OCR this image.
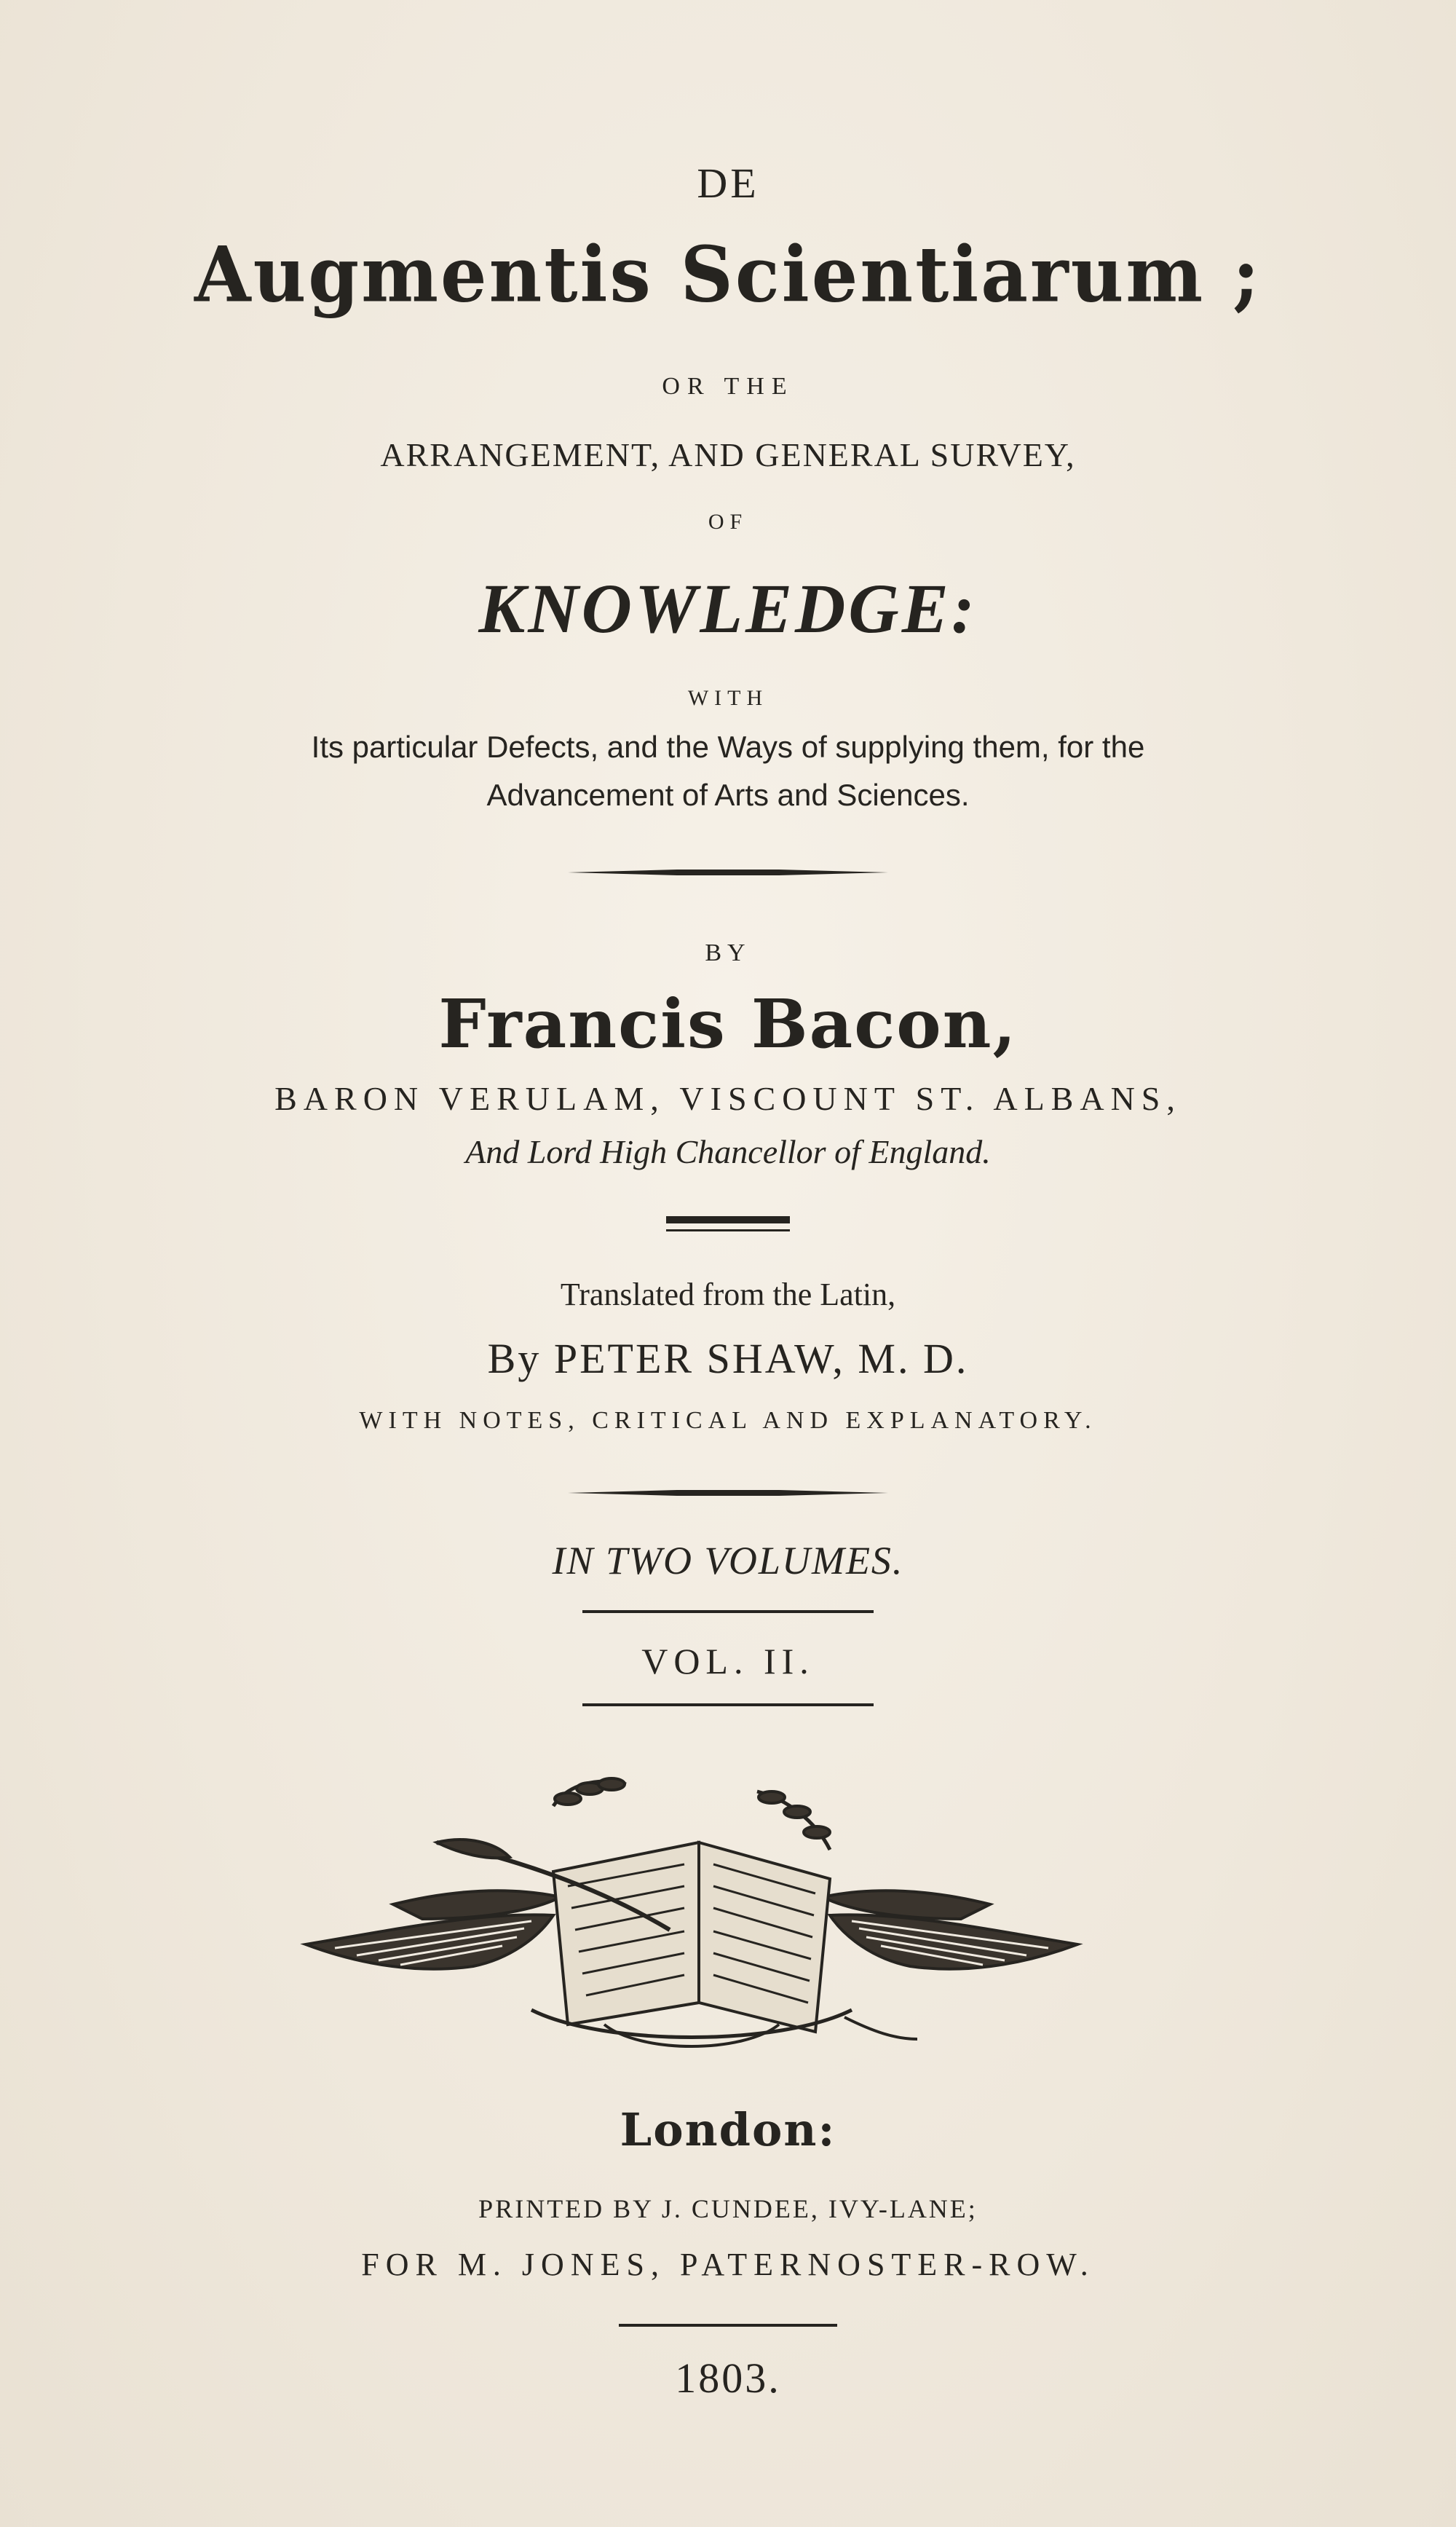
DE
Augmentis Scientiarum ;
OR THE
ARRANGEMENT, AND GENERAL SURVEY,
OF
KNOWLEDGE:
WITH
Its particular Defects, and the Ways of supplying them, for the
Advancement of Arts and Sciences.
BY
Francis Bacon,
BARON VERULAM, VISCOUNT ST. ALBANS,
And Lord High Chancellor of England.
Translated from the Latin,
By PETER SHAW, M. D.
WITH NOTES, CRITICAL AND EXPLANATORY.
IN TWO VOLUMES.
VOL. II.
London:
PRINTED BY J. CUNDEE, IVY-LANE;
FOR M. JONES, PATERNOSTER-ROW.
1803.
